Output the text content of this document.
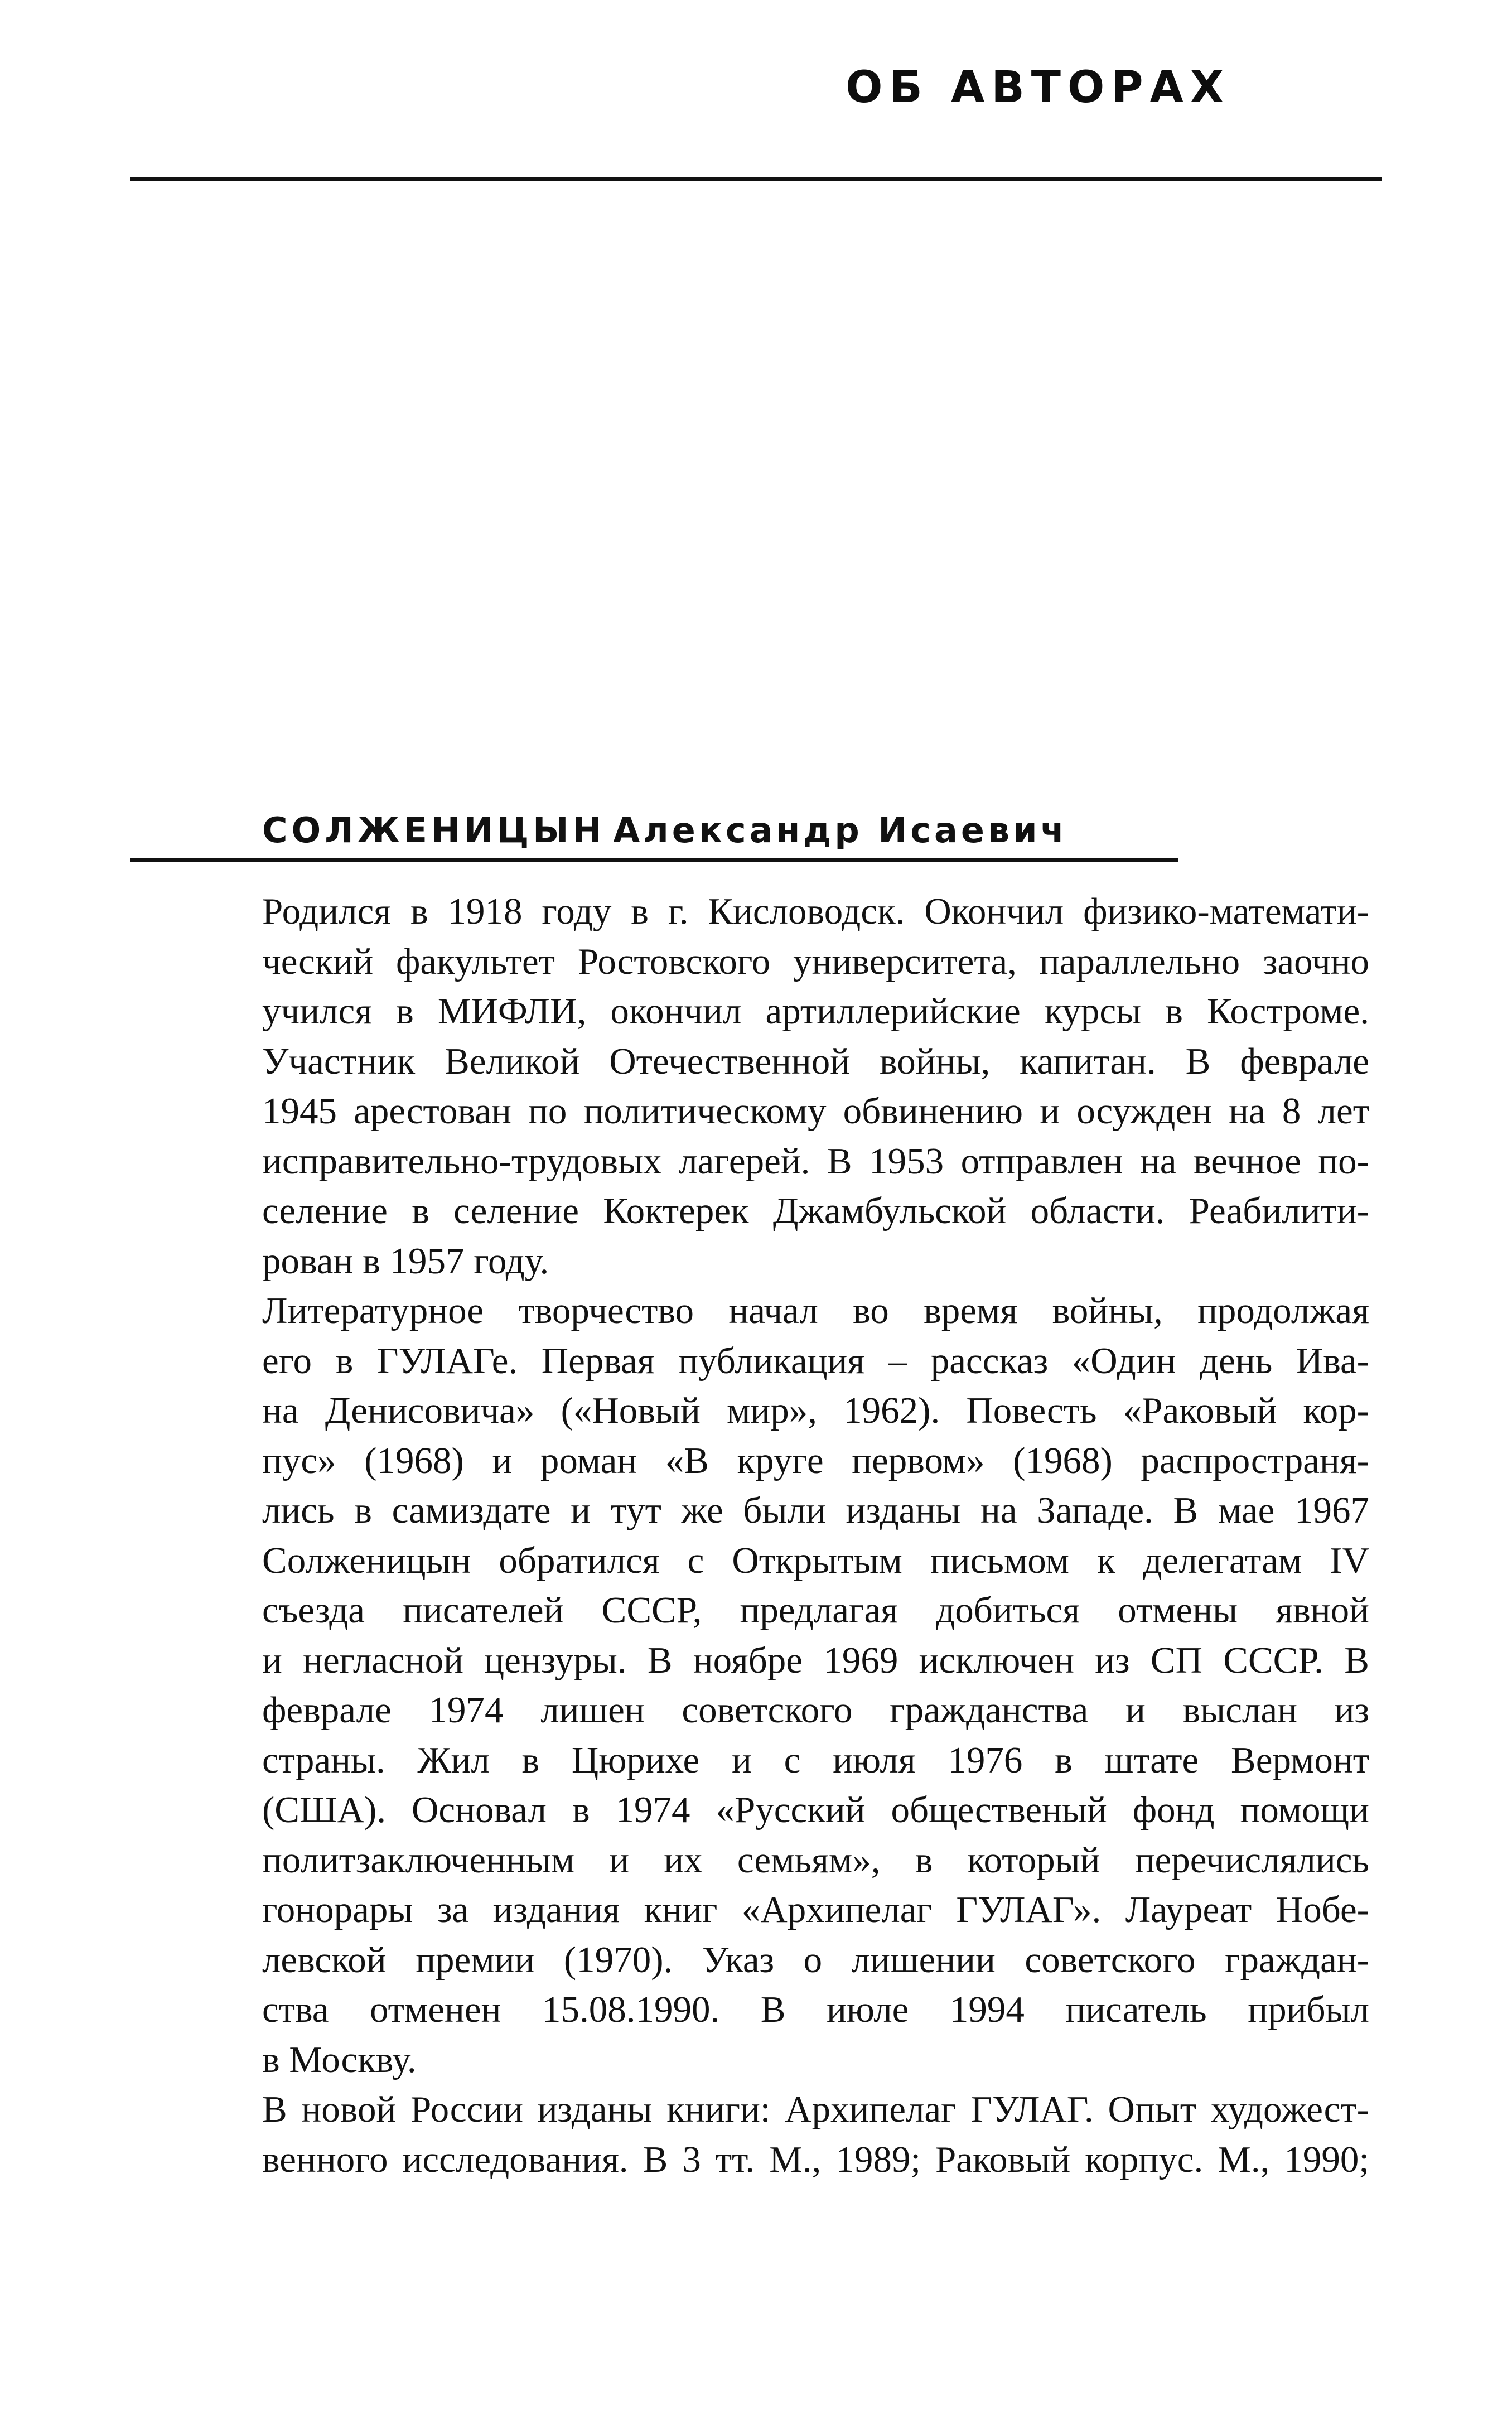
ОБ АВТОРАХ
СОЛЖЕНИЦЫН Александр Исаевич
Родился в 1918 году в г. Кисловодск. Окончил физико-математи-
ческий факультет Ростовского университета, параллельно заочно
учился в МИФЛИ, окончил артиллерийские курсы в Костроме.
Участник Великой Отечественной войны, капитан. В феврале
1945 арестован по политическому обвинению и осужден на 8 лет
исправительно-трудовых лагерей. В 1953 отправлен на вечное по-
селение в селение Коктерек Джамбульской области. Реабилити-
рован в 1957 году.
Литературное творчество начал во время войны, продолжая
его в ГУЛАГе. Первая публикация – рассказ «Один день Ива-
на Денисовича» («Новый мир», 1962). Повесть «Раковый кор-
пус» (1968) и роман «В круге первом» (1968) распространя-
лись в самиздате и тут же были изданы на Западе. В мае 1967
Солженицын обратился с Открытым письмом к делегатам IV
съезда писателей СССР, предлагая добиться отмены явной
и негласной цензуры. В ноябре 1969 исключен из СП СССР. В
феврале 1974 лишен советского гражданства и выслан из
страны. Жил в Цюрихе и с июля 1976 в штате Вермонт
(США). Основал в 1974 «Русский общественый фонд помощи
политзаключенным и их семьям», в который перечислялись
гонорары за издания книг «Архипелаг ГУЛАГ». Лауреат Нобе-
левской премии (1970). Указ о лишении советского граждан-
ства отменен 15.08.1990. В июле 1994 писатель прибыл
в Москву.
В новой России изданы книги: Архипелаг ГУЛАГ. Опыт художест-
венного исследования. В 3 тт. М., 1989; Раковый корпус. М., 1990;
